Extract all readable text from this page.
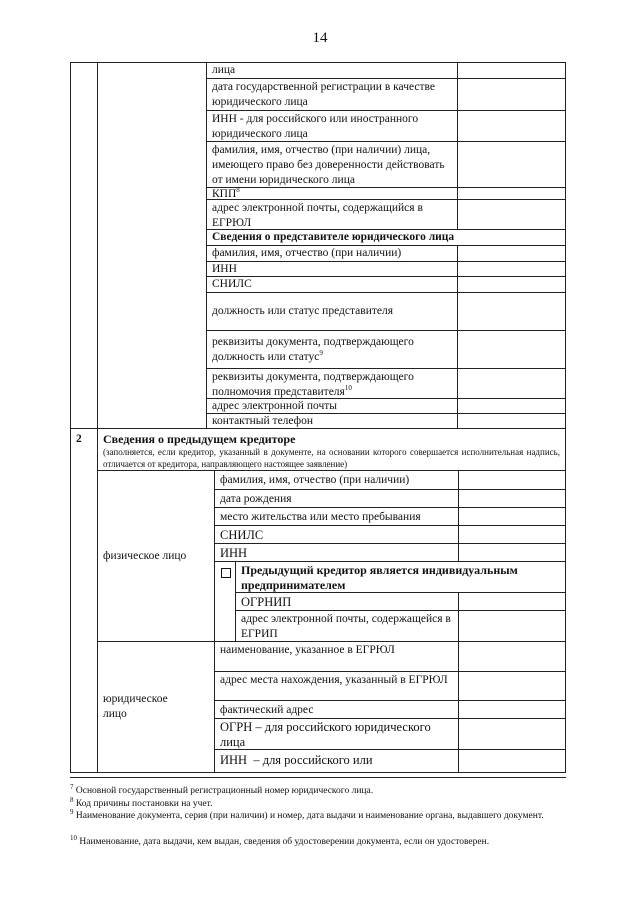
14
лица
дата государственной регистрации в качестве юридического лица
ИНН - для российского или иностранного юридического лица
фамилия, имя, отчество (при наличии) лица, имеющего право без доверенности действовать от имени юридического лица
КПП$^8$
адрес электронной почты, содержащийся в ЕГРЮЛ
Сведения о представителе юридического лица
фамилия, имя, отчество (при наличии)
ИНН
СНИЛС
должность или статус представителя
реквизиты документа, подтверждающего должность или статус$^9$
реквизиты документа, подтверждающего полномочия представителя$^{10}$
адрес электронной почты
контактный телефон
2	Сведения о предыдущем кредиторе
(заполняется, если кредитор, указанный в документе, на основании которого совершается исполнительная надпись, отличается от кредитора, направляющего настоящее заявление)
физическое лицо
фамилия, имя, отчество (при наличии)
дата рождения
место жительства или место пребывания
СНИЛС
ИНН
Предыдущий кредитор является индивидуальным предпринимателем
ОГРНИП
адрес электронной почты, содержащейся в ЕГРИП
юридическое лицо
наименование, указанное в ЕГРЮЛ
адрес места нахождения, указанный в ЕГРЮЛ
фактический адрес
ОГРН – для российского юридического лица
ИНН  – для российского или
$^7$ Основной государственный регистрационный номер юридического лица.
$^8$ Код причины постановки на учет.
$^9$ Наименование документа, серия (при наличии) и номер, дата выдачи и наименование органа, выдавшего документ.
$^{10}$ Наименование, дата выдачи, кем выдан, сведения об удостоверении документа, если он удостоверен.
